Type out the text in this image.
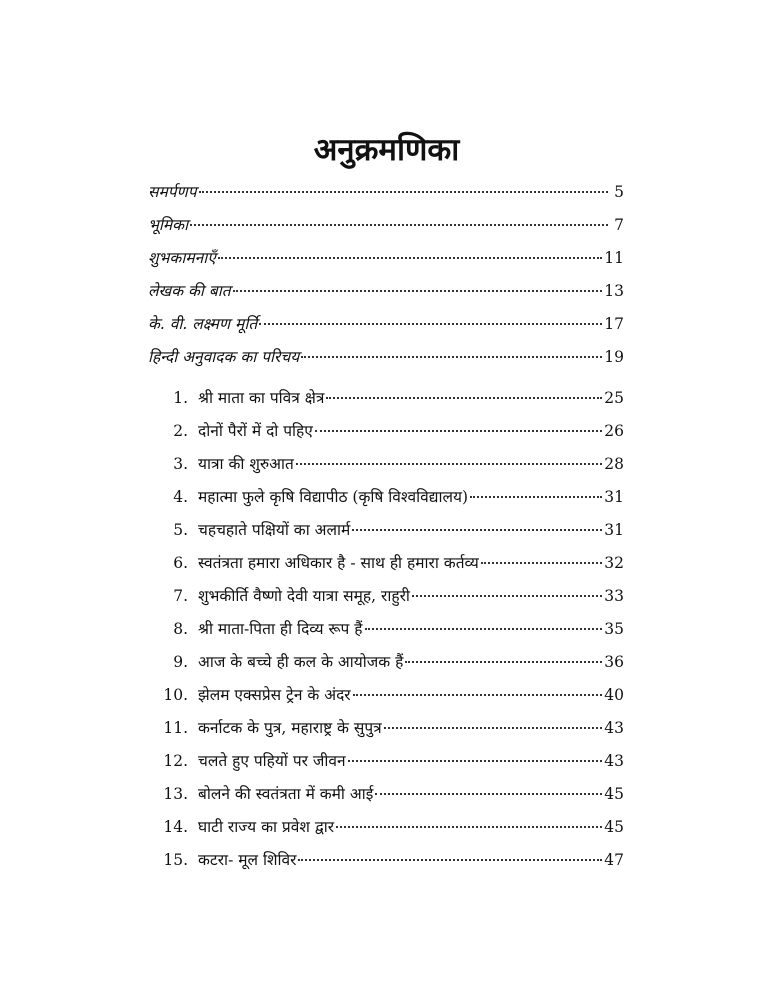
अनुक्रमणिका
समर्पणप	5
भूमिका	7
शुभकामनाएँ	11
लेखक की बात	13
के. वी. लक्ष्मण मूर्ति	17
हिन्दी अनुवादक का परिचय	19
1. श्री माता का पवित्र क्षेत्र	25
2. दोनों पैरों में दो पहिए	26
3. यात्रा की शुरुआत	28
4. महात्मा फुले कृषि विद्यापीठ (कृषि विश्वविद्यालय)	31
5. चहचहाते पक्षियों का अलार्म	31
6. स्वतंत्रता हमारा अधिकार है - साथ ही हमारा कर्तव्य	32
7. शुभकीर्ति वैष्णो देवी यात्रा समूह, राहुरी	33
8. श्री माता-पिता ही दिव्य रूप हैं	35
9. आज के बच्चे ही कल के आयोजक हैं	36
10. झेलम एक्सप्रेस ट्रेन के अंदर	40
11. कर्नाटक के पुत्र, महाराष्ट्र के सुपुत्र	43
12. चलते हुए पहियों पर जीवन	43
13. बोलने की स्वतंत्रता में कमी आई	45
14. घाटी राज्य का प्रवेश द्वार	45
15. कटरा- मूल शिविर	47
